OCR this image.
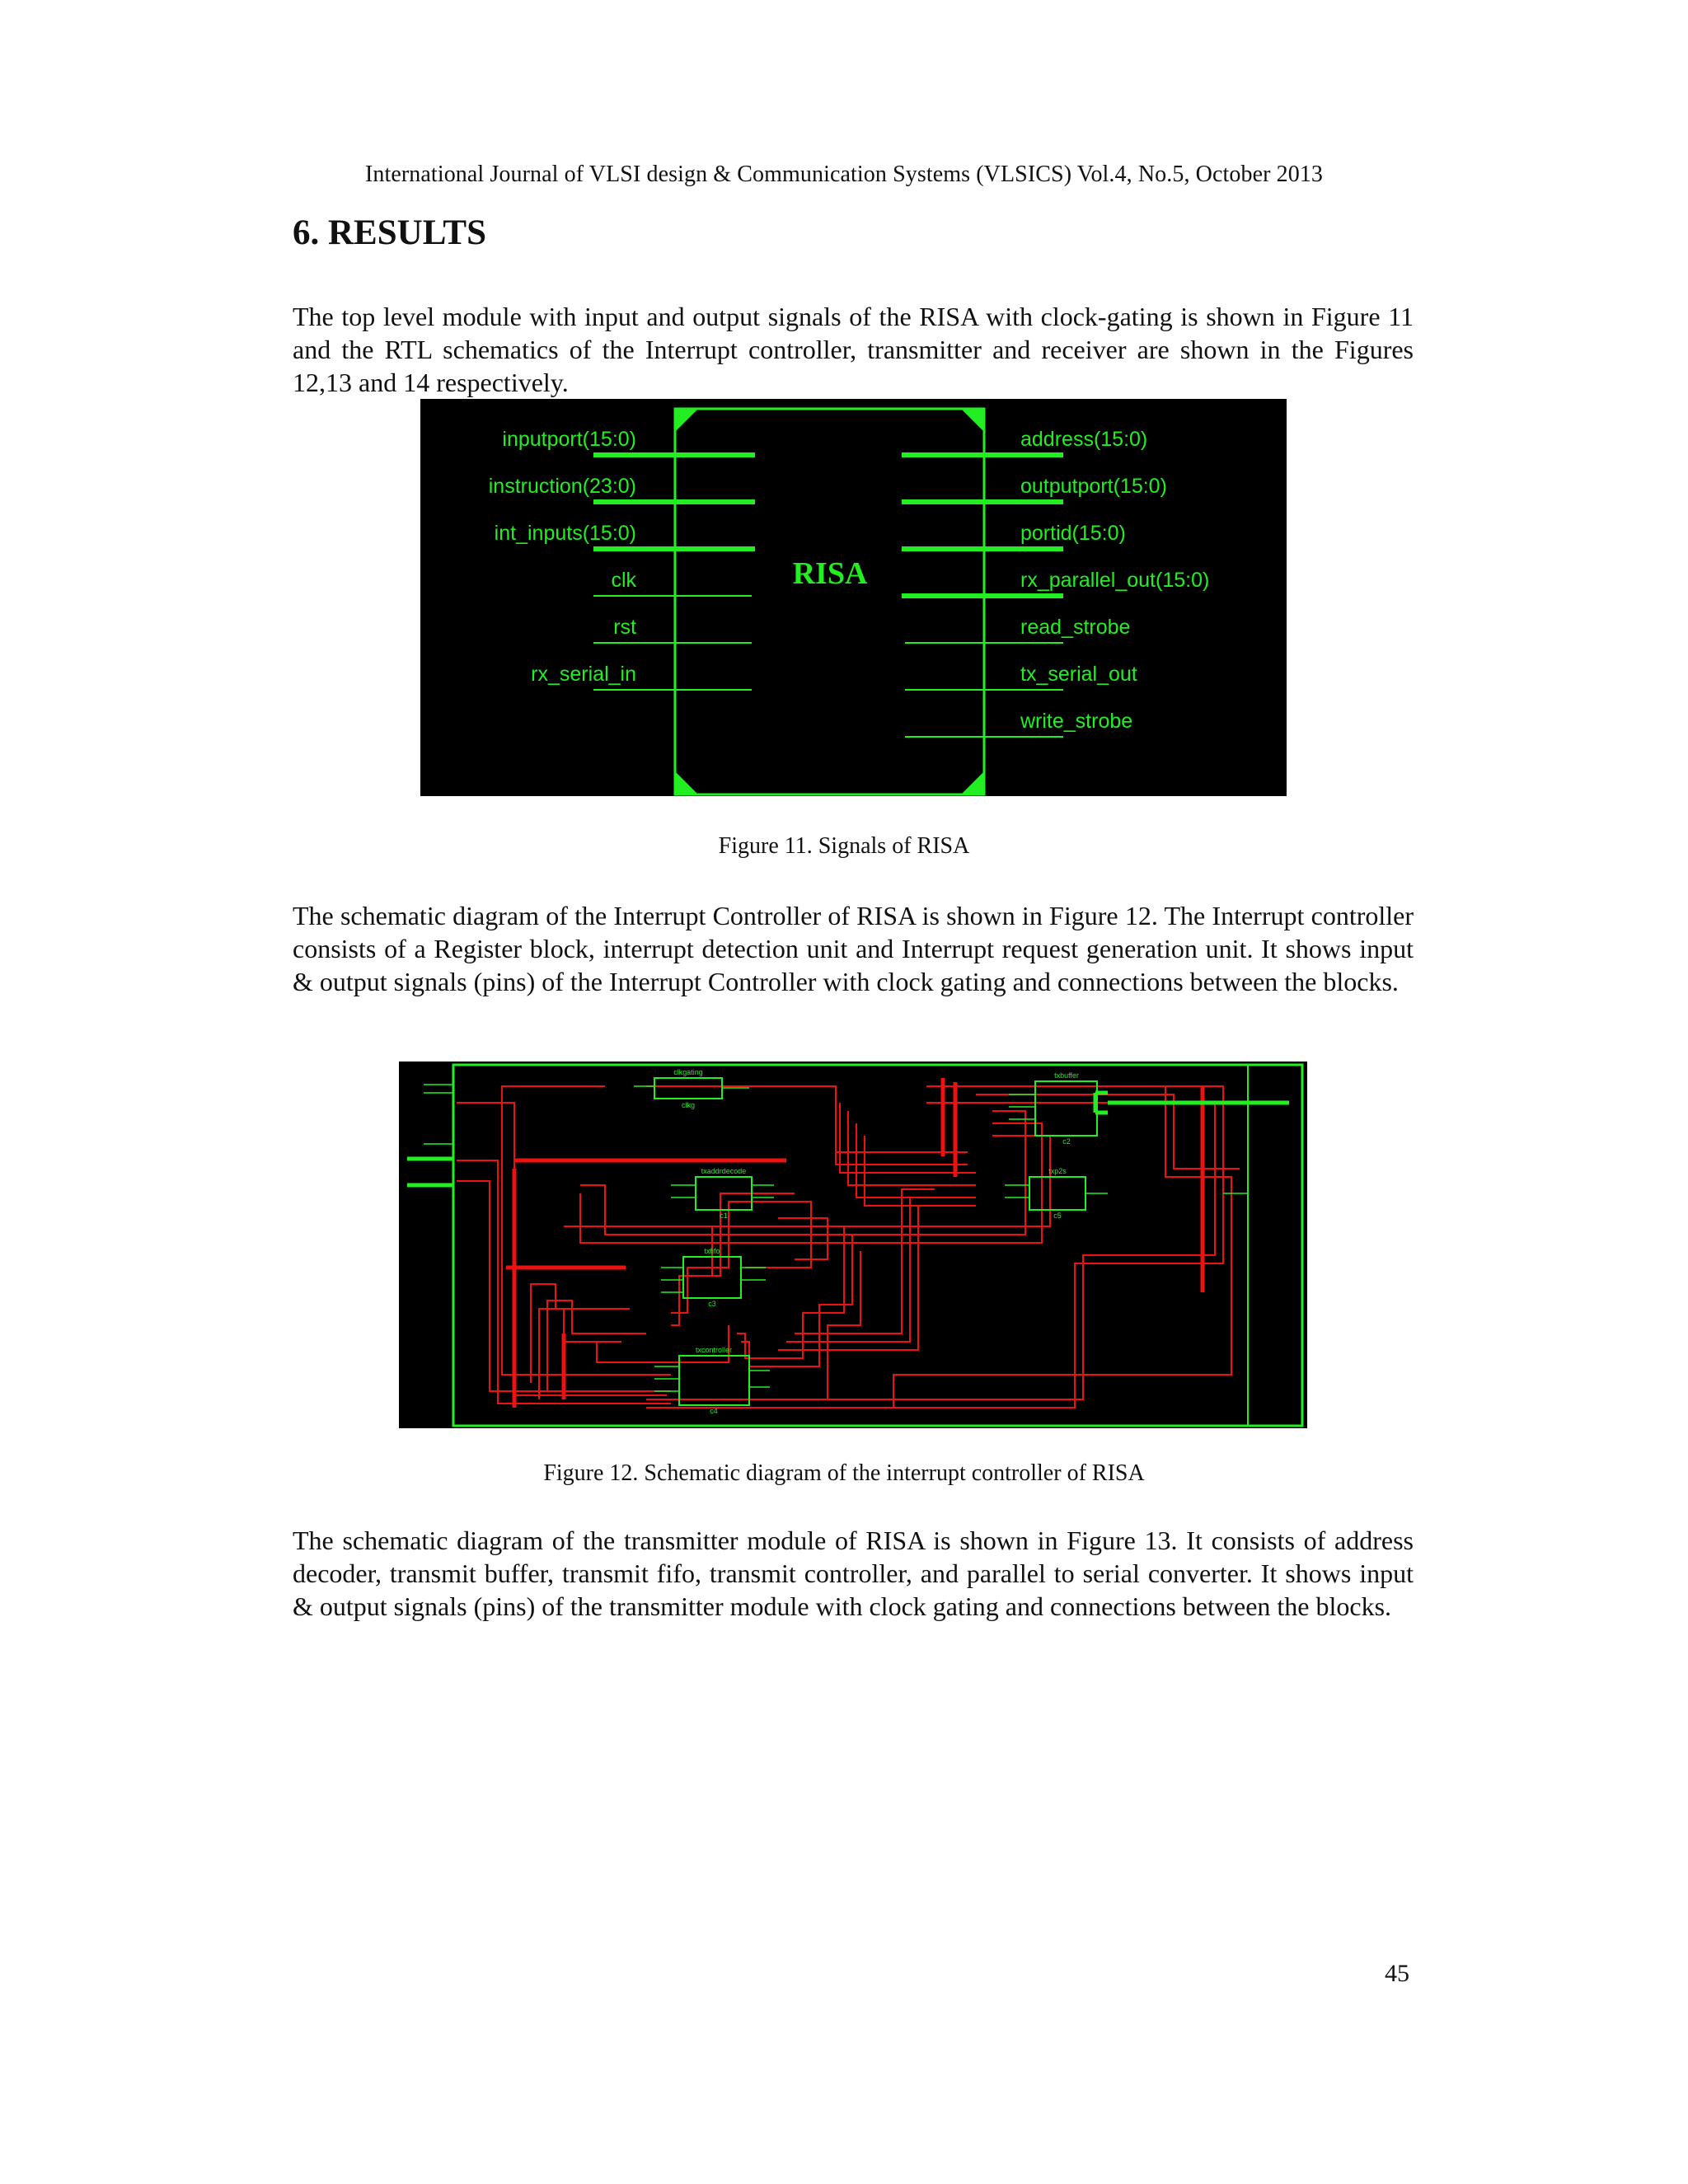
International Journal of VLSI design & Communication Systems (VLSICS) Vol.4, No.5, October 2013
6. RESULTS

The top level module with input and output signals of the RISA with clock-gating is shown in Figure 11 and the RTL schematics of the Interrupt controller, transmitter and receiver are shown in the Figures 12,13 and 14 respectively.

inputport(15:0)
instruction(23:0)
int_inputs(15:0)
clk
rst
rx_serial_in
address(15:0)
outputport(15:0)
portid(15:0)
rx_parallel_out(15:0)
read_strobe
tx_serial_out
write_strobe
RISA
Figure 11. Signals of RISA

The schematic diagram of the Interrupt Controller of RISA is shown in Figure 12. The Interrupt controller consists of a Register block, interrupt detection unit and Interrupt request generation unit. It shows input & output signals (pins) of the Interrupt Controller with clock gating and connections between the blocks.

clkgating
clkg
txbuffer
c2
txaddrdecode
c1
txfifo
c3
txp2s
c5
txcontroller
c4
Figure 12. Schematic diagram of the interrupt controller of RISA

The schematic diagram of the transmitter module of RISA is shown in Figure 13. It consists of address decoder, transmit buffer, transmit fifo, transmit controller, and parallel to serial converter. It shows input & output signals (pins) of the transmitter module with clock gating and connections between the blocks.

45
